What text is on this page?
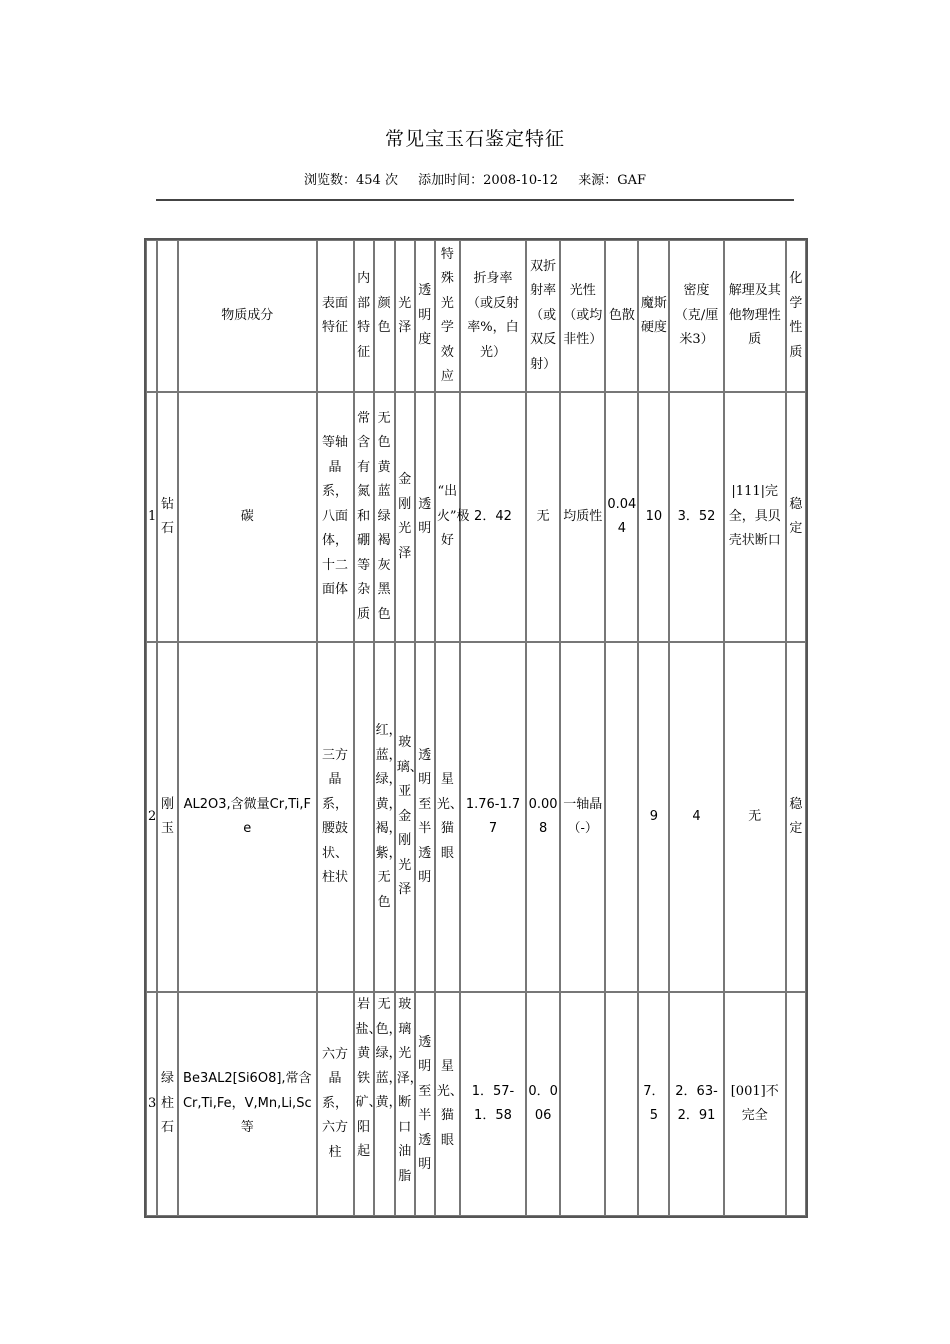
常见宝玉石鉴定特征
浏览数：454 次 添加时间：2008-10-12 来源：GAF
		物质成分	表面特征	内部特征	颜色	光泽	透明度	特殊光学效应	折身率（或反射率%，白光）	双折射率（或双反射）	光性（或均非性）	色散	魔斯硬度	密度（克/厘米3）	解理及其他物理性质	化学性质
1	钻石	碳	等轴晶系，八面体，十二面体	常含有氮和硼等杂质	无色黄蓝绿褐灰黑色	金刚光泽	透明	“出火”极好	2．42	无	均质性	0.044	10	3．52	|111|完全，具贝壳状断口	稳定
2	刚玉	AL2O3,含微量Cr,Ti,Fe	三方晶系，腰鼓状、柱状		红，蓝，绿，黄，褐，紫，无色	玻璃、亚金刚光泽	透明至半透明	星光、猫眼	1.76-1.77	0.008	一轴晶（-）		9	4	无	稳定
3	绿柱石	Be3AL2[Si6O8],常含Cr,Ti,Fe，V,Mn,Li,Sc等	六方晶系，六方柱	岩盐、黄铁矿、阳起	无色，绿，蓝，黄，	玻璃光泽，断口油脂	透明至半透明	星光、猫眼	1．57-1．58	0．006			7．5	2．63-2．91	[001]不完全	
